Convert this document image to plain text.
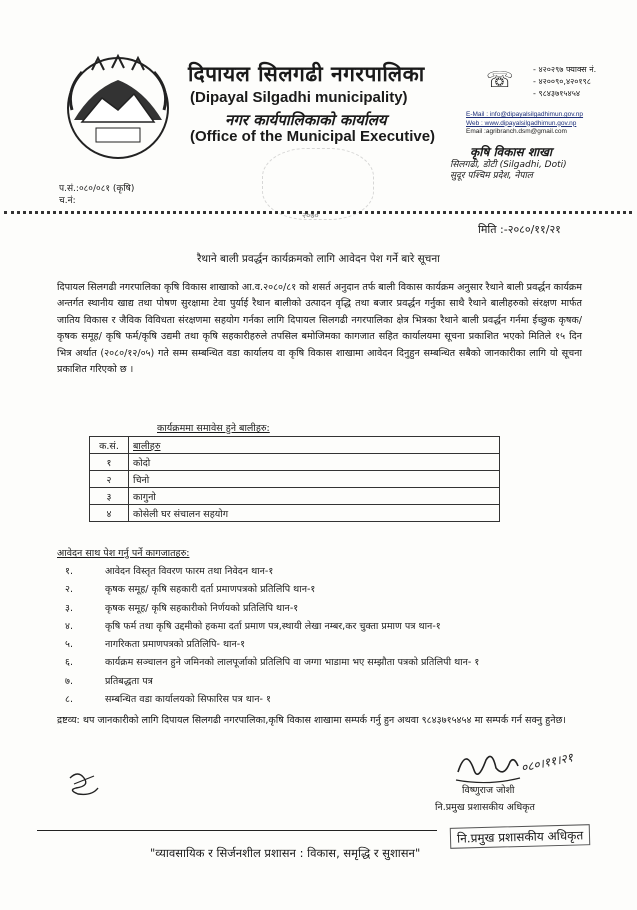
दिपायल सिलगढी नगरपालिका
(Dipayal Silgadhi municipality)
नगर कार्यपालिकाको कार्यालय
(Office of the Municipal Executive)
☏	- ४२०२९७ फ्याक्स नं.
- ४२००९०,४२०१९८
- ९८४३७१५४५४
E-Mail : info@dipayalsilgadhimun.gov.np
Web : www.dipayalsilgadhimun.gov.np
Email :agribranch.dsm@gmail.com
कृषि विकास शाखा
सिलगढी, डोटी (Silgadhi, Doti)
सुदूर पश्चिम प्रदेश, नेपाल
प.सं.:०८०/०८१ (कृषि)
च.नं:
२०७०
मिति :-२०८०/११/२१
रैथाने बाली प्रवर्द्धन कार्यक्रमको लागि आवेदन पेश गर्ने बारे सूचना
दिपायल सिलगढी नगरपालिका कृषि विकास शाखाको आ.व.२०८०/८१ को शसर्त अनुदान तर्फ बाली विकास कार्यक्रम अनुसार रैथाने बाली प्रवर्द्धन कार्यक्रम अन्तर्गत स्थानीय खाद्य तथा पोषण सुरक्षामा टेवा पुर्याई रैथान बालीको उत्पादन वृद्धि तथा बजार प्रवर्द्धन गर्नुका साथै रैथाने बालीहरुको संरक्षण मार्फत जातिय विकास र जैविक विविधता संरक्षणमा सहयोग गर्नका लागि दिपायल सिलगढी नगरपालिका क्षेत्र भित्रका रैथाने बाली प्रवर्द्धन गर्नमा ईच्छुक कृषक/कृषक समूह/ कृषि फर्म/कृषि उद्यमी तथा कृषि सहकारीहरुले तपसिल बमोजिमका कागजात सहित कार्यालयमा सूचना प्रकाशित भएको मितिले १५ दिन भित्र अर्थात (२०८०/१२/०५) गते सम्म सम्बन्धित वडा कार्यालय वा कृषि विकास शाखामा आवेदन दिनुहुन सम्बन्धित सबैको जानकारीका लागि यो सूचना प्रकाशित गरिएको छ ।
कार्यक्रममा समावेस हुने बालीहरु:
क.सं.	बालीहरु
१	कोदो
२	चिनो
३	कागुनो
४	कोसेली घर संचालन सहयोग
आवेदन साथ पेश गर्नु पर्ने कागजातहरु:
१.	आवेदन विस्तृत विवरण फारम तथा निवेदन थान-१
२.	कृषक समूह/ कृषि सहकारी दर्ता प्रमाणपत्रको प्रतिलिपि थान-१
३.	कृषक समूह/ कृषि सहकारीको निर्णयको प्रतिलिपि थान-१
४.	कृषि फर्म तथा कृषि उद्दमीको हकमा दर्ता प्रमाण पत्र,स्थायी लेखा नम्बर,कर चुक्ता प्रमाण पत्र थान-१
५.	नागरिकता प्रमाणपत्रको प्रतिलिपि- थान-१
६.	कार्यक्रम सञ्चालन हुने जमिनको लालपूर्जाको प्रतिलिपि वा जग्गा भाडामा भए सम्झौता पत्रको प्रतिलिपी थान- १
७.	प्रतिबद्धता पत्र
८.	सम्बन्धित वडा कार्यालयको सिफारिस पत्र थान- १
द्रष्टव्य: थप जानकारीको लागि दिपायल सिलगढी नगरपालिका,कृषि विकास शाखामा सम्पर्क गर्नु हुन अथवा ९८४३७१५४५४ मा सम्पर्क गर्न सक्नु हुनेछ।
०८०।११।२१
विष्णुराज जोशी
नि.प्रमुख प्रशासकीय अधिकृत
नि.प्रमुख प्रशासकीय अधिकृत
"व्यावसायिक र सिर्जनशील प्रशासन : विकास, समृद्धि र सुशासन"
